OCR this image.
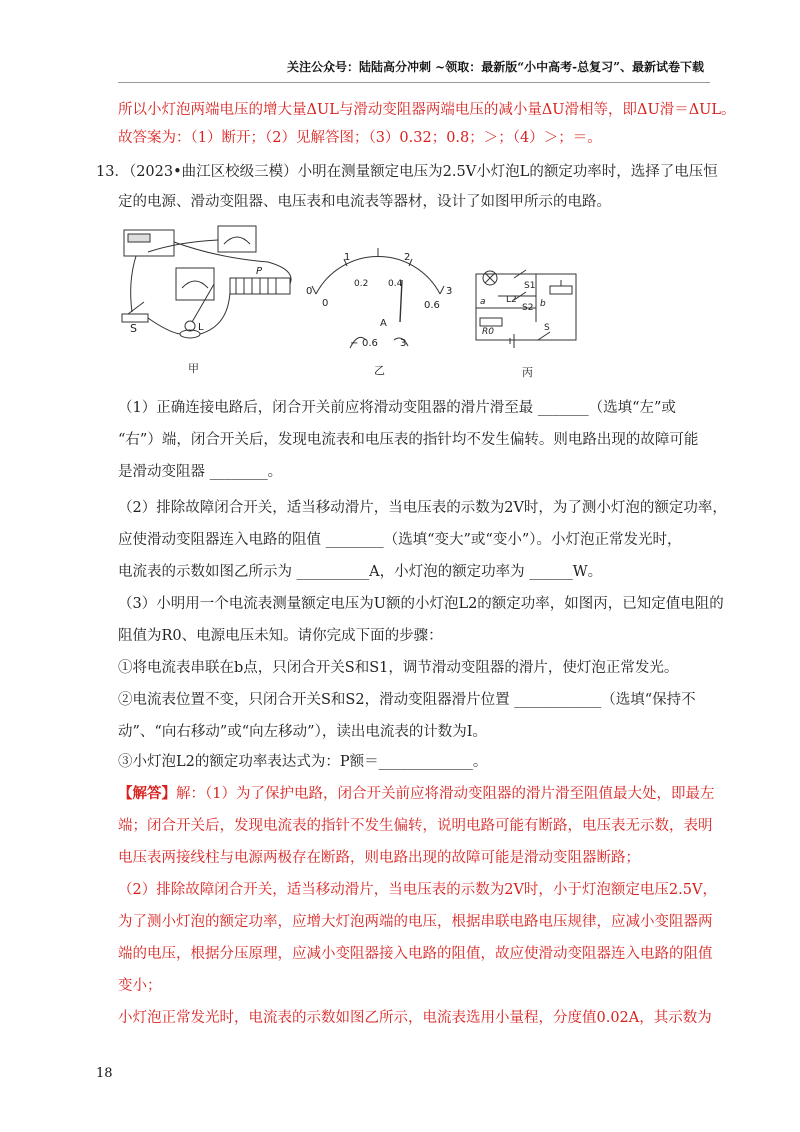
关注公众号：陆陆高分冲刺 ~领取：最新版“小中高考-总复习”、最新试卷下载
所以小灯泡两端电压的增大量ΔUL与滑动变阻器两端电压的减小量ΔU滑相等，即ΔU滑＝ΔUL。
故答案为：（1）断开；（2）见解答图；（3）0.32；0.8；＞；（4）＞；＝。
13．（2023•曲江区校级三模）小明在测量额定电压为2.5V小灯泡L的额定功率时，选择了电压恒
定的电源、滑动变阻器、电压表和电流表等器材，设计了如图甲所示的电路。
S	L
P
甲
0
1	2
3
0
0.2 0.4
0.6
A
− 0.6 3
乙
L2
S1
S2
a	b
R0	S
丙
（1）正确连接电路后，闭合开关前应将滑动变阻器的滑片滑至最 _______（选填“左”或
“右”）端，闭合开关后，发现电流表和电压表的指针均不发生偏转。则电路出现的故障可能
是滑动变阻器 ________。
（2）排除故障闭合开关，适当移动滑片，当电压表的示数为2V时，为了测小灯泡的额定功率，
应使滑动变阻器连入电路的阻值 ________（选填“变大”或“变小”）。小灯泡正常发光时，
电流表的示数如图乙所示为 __________A，小灯泡的额定功率为 ______W。
（3）小明用一个电流表测量额定电压为U额的小灯泡L2的额定功率，如图丙，已知定值电阻的
阻值为R0、电源电压未知。请你完成下面的步骤：
①将电流表串联在b点，只闭合开关S和S1，调节滑动变阻器的滑片，使灯泡正常发光。
②电流表位置不变，只闭合开关S和S2，滑动变阻器滑片位置 ____________（选填“保持不
动”、“向右移动”或“向左移动”），读出电流表的计数为I。
③小灯泡L2的额定功率表达式为：P额＝_____________。
【解答】解：（1）为了保护电路，闭合开关前应将滑动变阻器的滑片滑至阻值最大处，即最左
端；闭合开关后，发现电流表的指针不发生偏转，说明电路可能有断路，电压表无示数，表明
电压表两接线柱与电源两极存在断路，则电路出现的故障可能是滑动变阻器断路；
（2）排除故障闭合开关，适当移动滑片，当电压表的示数为2V时，小于灯泡额定电压2.5V，
为了测小灯泡的额定功率，应增大灯泡两端的电压，根据串联电路电压规律，应减小变阻器两
端的电压，根据分压原理，应减小变阻器接入电路的阻值，故应使滑动变阻器连入电路的阻值
变小；
小灯泡正常发光时，电流表的示数如图乙所示，电流表选用小量程，分度值0.02A，其示数为
18
